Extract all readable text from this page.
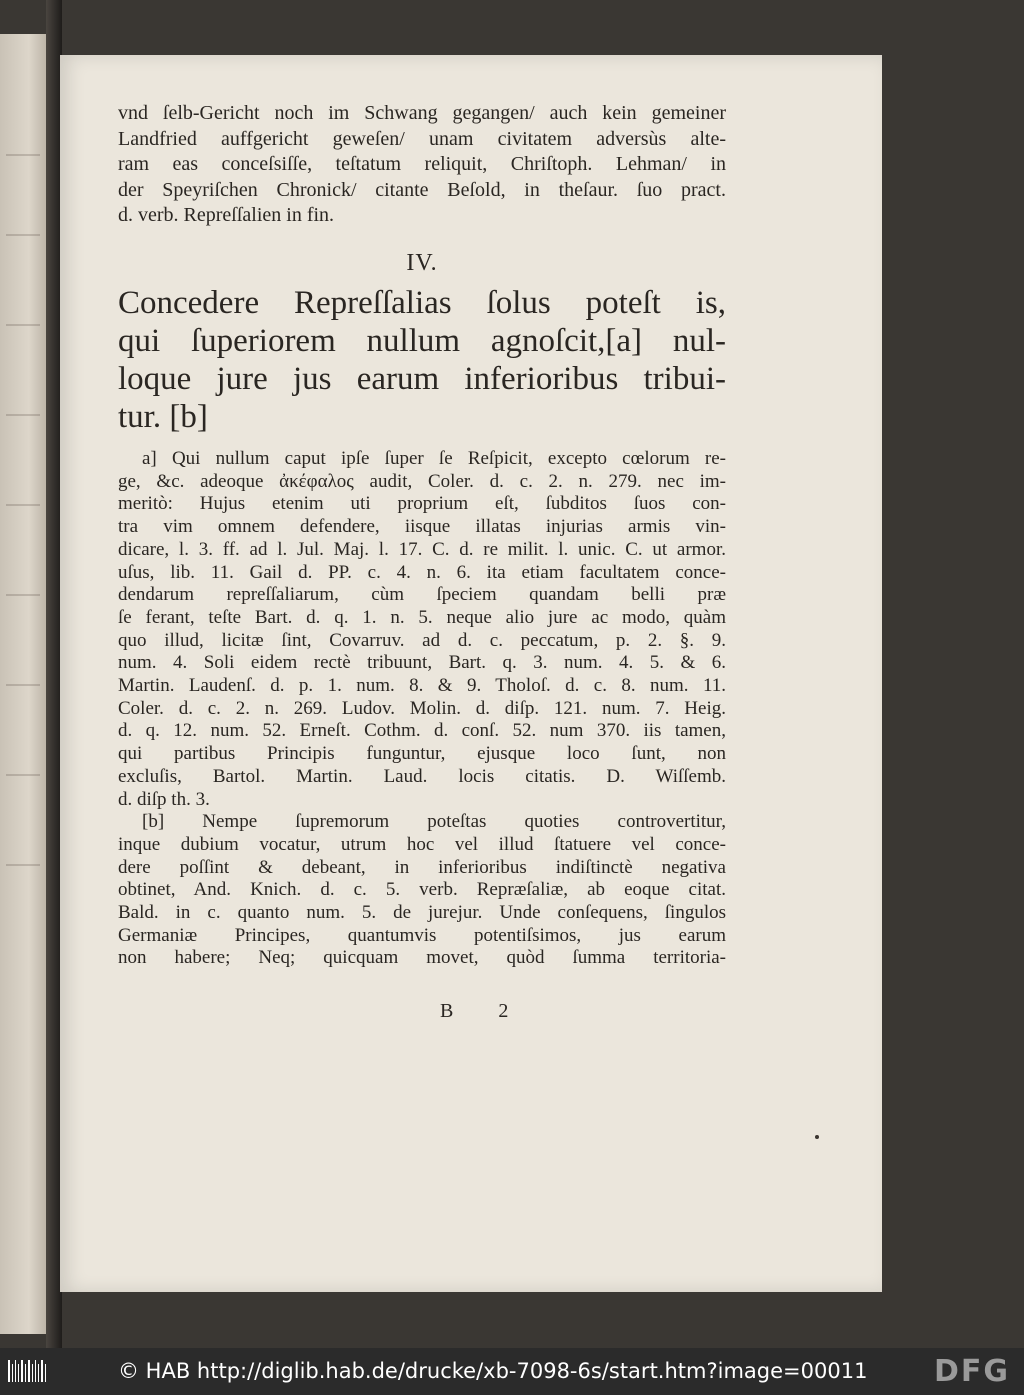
vnd ſelb-Gericht noch im Schwang gegangen/ auch kein gemeiner
Landfried auffgericht geweſen/ unam civitatem adversùs alte-
ram eas conceſsiſſe, teſtatum reliquit, Chriſtoph. Lehman/ in
der Speyriſchen Chronick/ citante Beſold, in theſaur. ſuo pract.
d. verb. Repreſſalien in fin.
IV.
Concedere Repreſſalias ſolus poteſt is,
qui ſuperiorem nullum agnoſcit,[a] nul-
loque jure jus earum inferioribus tribui-
tur. [b]
a] Qui nullum caput ipſe ſuper ſe Reſpicit, excepto cœlorum re-
ge, &c. adeoque ἀκέφαλος audit, Coler. d. c. 2. n. 279. nec im-
meritò: Hujus etenim uti proprium eſt, ſubditos ſuos con-
tra vim omnem defendere, iisque illatas injurias armis vin-
dicare, l. 3. ff. ad l. Jul. Maj. l. 17. C. d. re milit. l. unic. C. ut armor.
uſus, lib. 11. Gail d. PP. c. 4. n. 6. ita etiam facultatem conce-
dendarum repreſſaliarum, cùm ſpeciem quandam belli præ
ſe ferant, teſte Bart. d. q. 1. n. 5. neque alio jure ac modo, quàm
quo illud, licitæ ſint, Covarruv. ad d. c. peccatum, p. 2. §. 9.
num. 4. Soli eidem rectè tribuunt, Bart. q. 3. num. 4. 5. & 6.
Martin. Laudenſ. d. p. 1. num. 8. & 9. Tholoſ. d. c. 8. num. 11.
Coler. d. c. 2. n. 269. Ludov. Molin. d. diſp. 121. num. 7. Heig.
d. q. 12. num. 52. Erneſt. Cothm. d. conſ. 52. num 370. iis tamen,
qui partibus Principis funguntur, ejusque loco ſunt, non
excluſis, Bartol. Martin. Laud. locis citatis. D. Wiſſemb.
d. diſp th. 3.
[b] Nempe ſupremorum poteſtas quoties controvertitur,
inque dubium vocatur, utrum hoc vel illud ſtatuere vel conce-
dere poſſint & debeant, in inferioribus indiſtinctè negativa
obtinet, And. Knich. d. c. 5. verb. Repræſaliæ, ab eoque citat.
Bald. in c. quanto num. 5. de jurejur. Unde conſequens, ſingulos
Germaniæ Principes, quantumvis potentiſsimos, jus earum
non habere; Neq; quicquam movet, quòd ſumma territoria-
B 2
© HAB http://diglib.hab.de/drucke/xb-7098-6s/start.htm?image=00011 DFG
